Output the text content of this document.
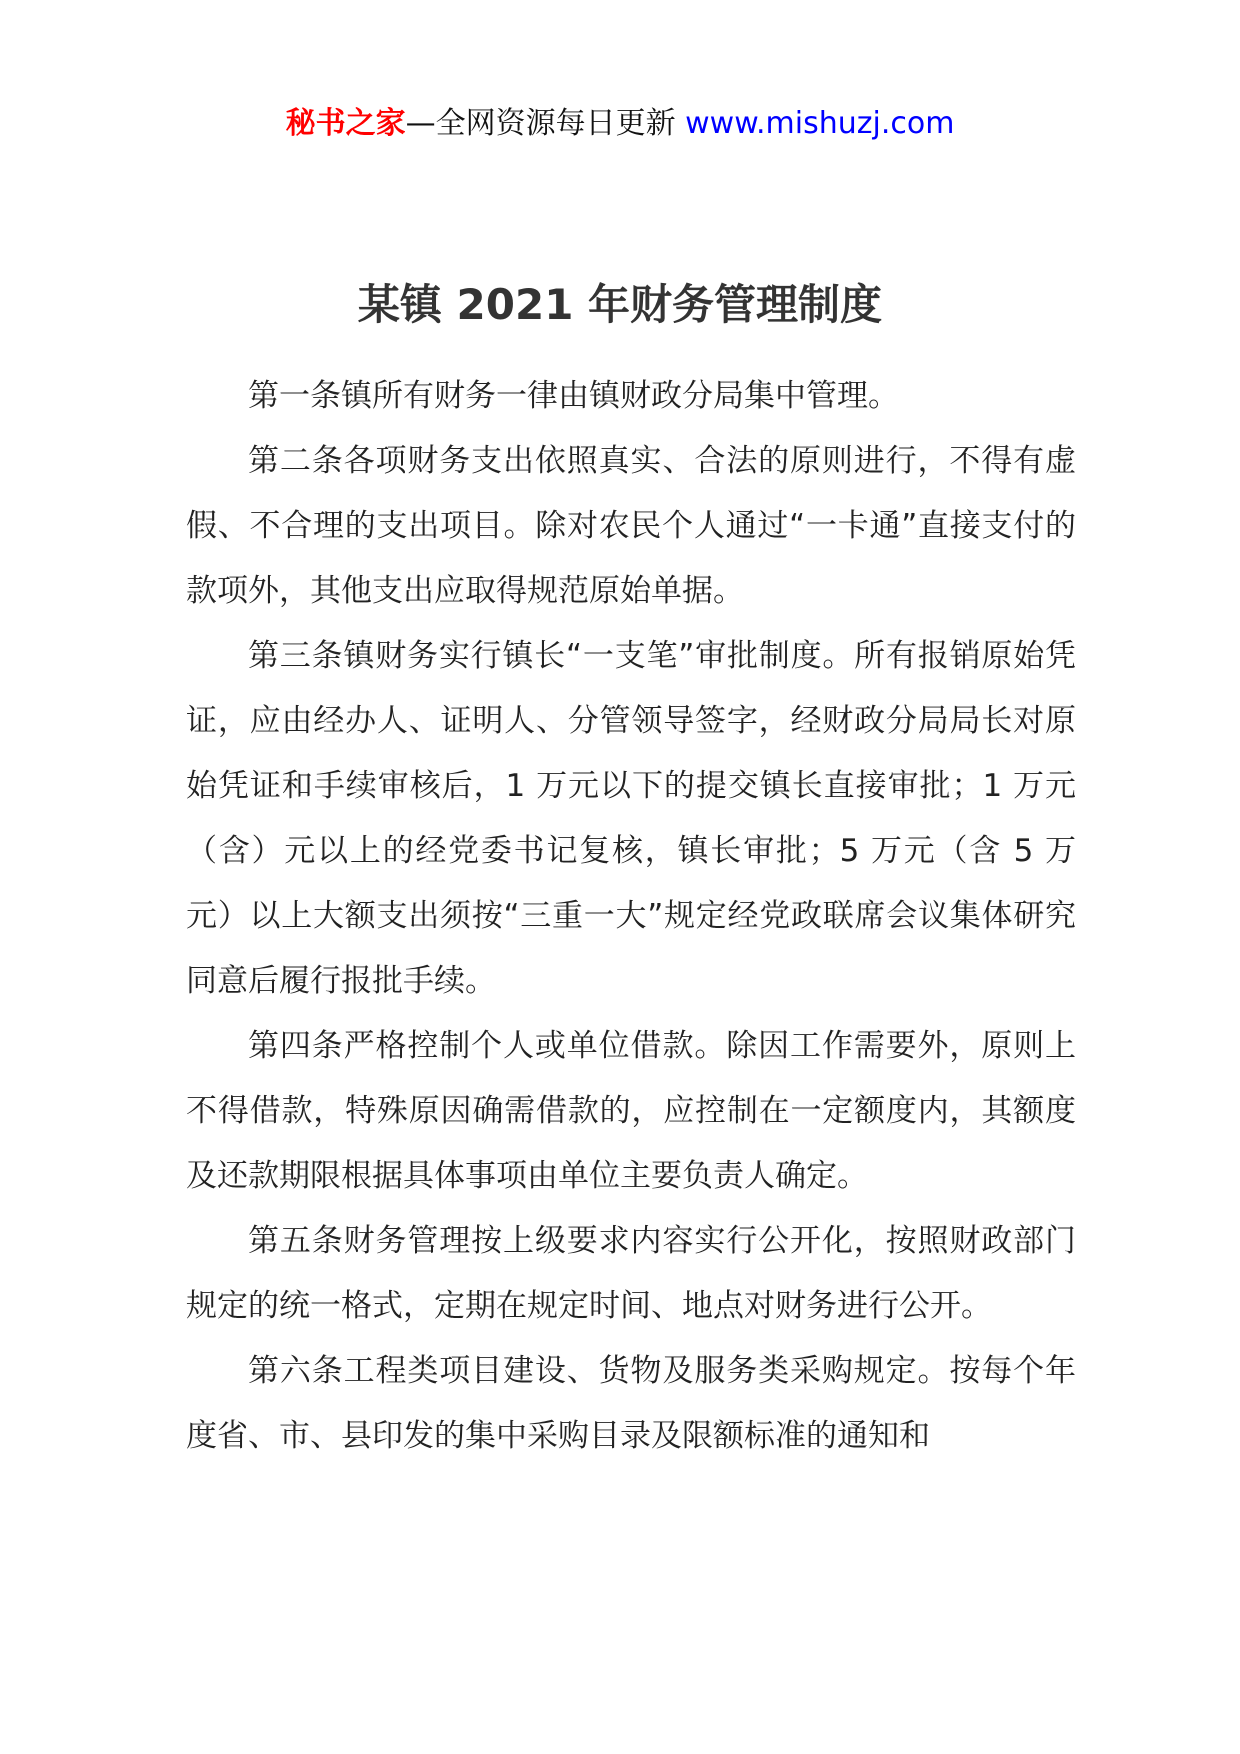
秘书之家—全网资源每日更新 www.mishuzj.com
某镇 2021 年财务管理制度

第一条镇所有财务一律由镇财政分局集中管理。

第二条各项财务支出依照真实、合法的原则进行，不得有虚假、不合理的支出项目。除对农民个人通过“一卡通”直接支付的款项外，其他支出应取得规范原始单据。

第三条镇财务实行镇长“一支笔”审批制度。所有报销原始凭证，应由经办人、证明人、分管领导签字，经财政分局局长对原始凭证和手续审核后，1 万元以下的提交镇长直接审批；1 万元（含）元以上的经党委书记复核，镇长审批；5 万元（含 5 万元）以上大额支出须按“三重一大”规定经党政联席会议集体研究同意后履行报批手续。

第四条严格控制个人或单位借款。除因工作需要外，原则上不得借款，特殊原因确需借款的，应控制在一定额度内，其额度及还款期限根据具体事项由单位主要负责人确定。

第五条财务管理按上级要求内容实行公开化，按照财政部门规定的统一格式，定期在规定时间、地点对财务进行公开。

第六条工程类项目建设、货物及服务类采购规定。按每个年度省、市、县印发的集中采购目录及限额标准的通知和
